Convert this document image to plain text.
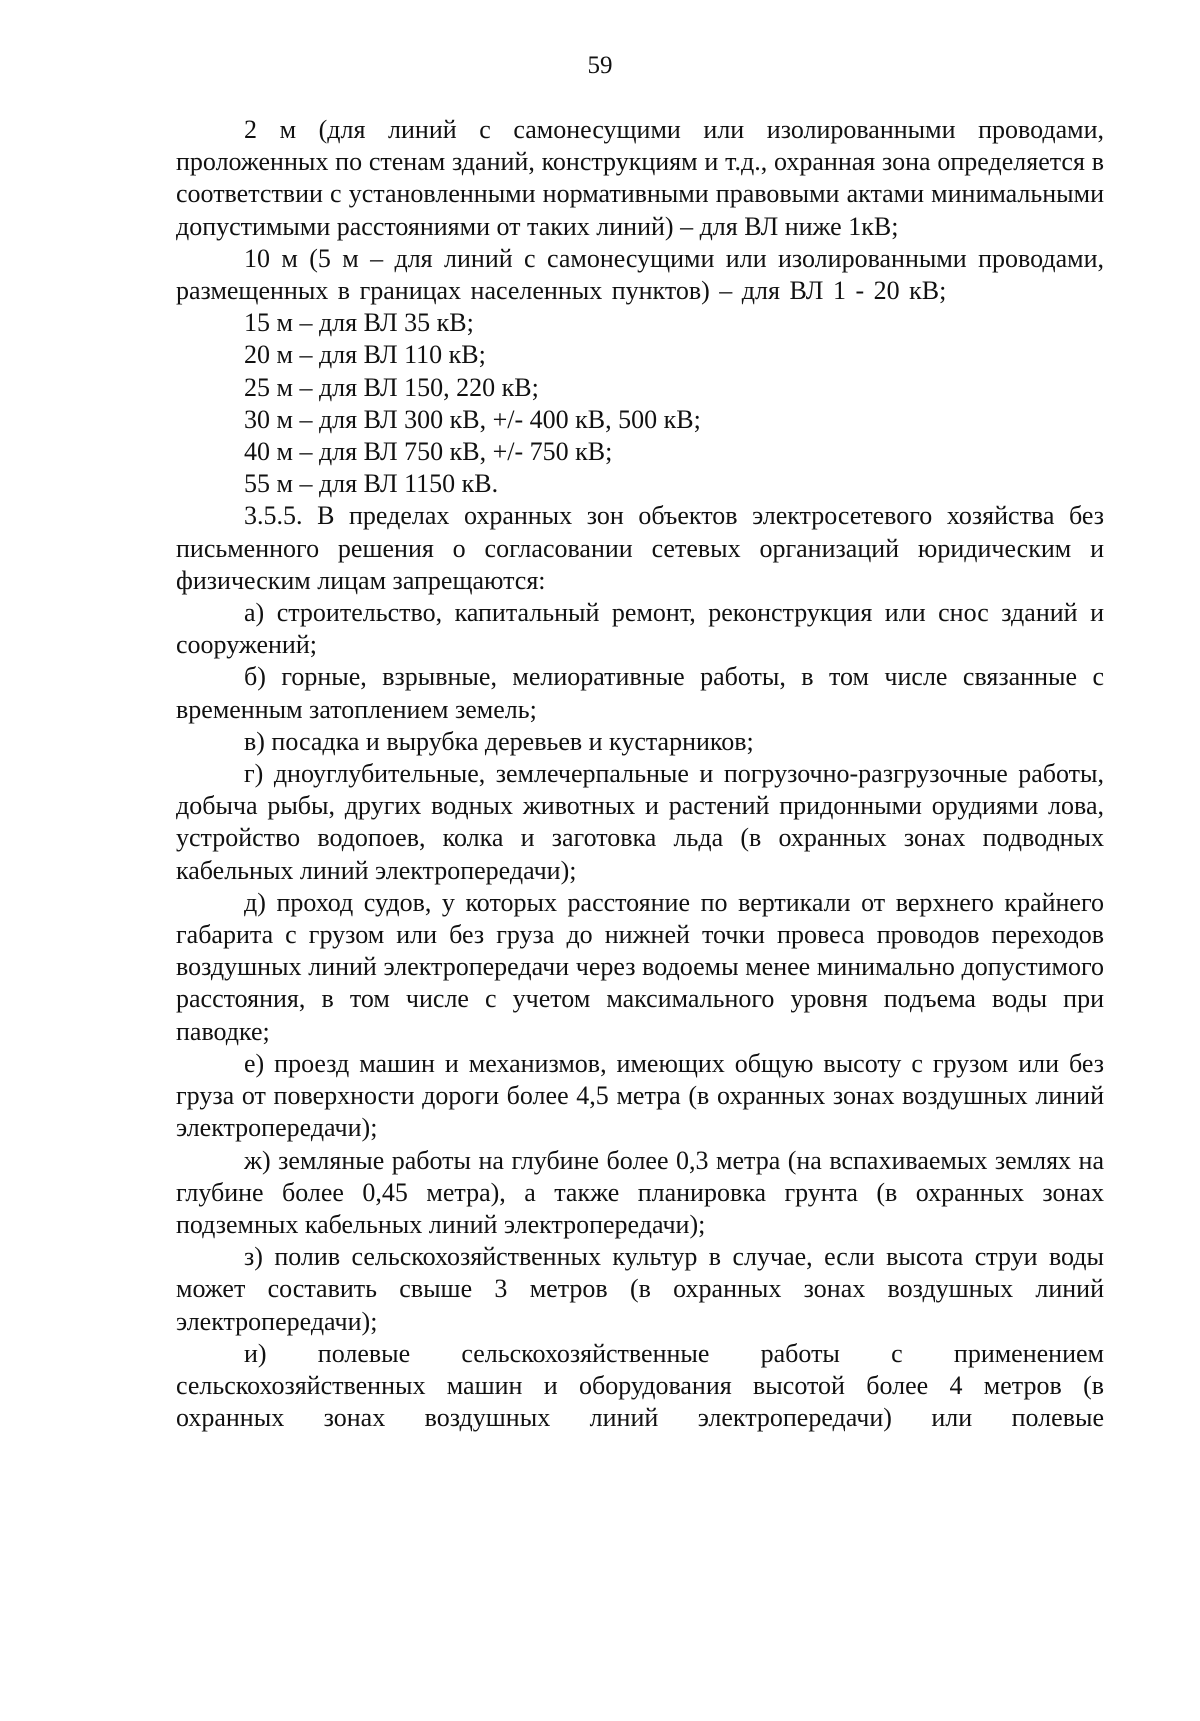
59

2 м (для линий с самонесущими или изолированными проводами, проложенных по стенам зданий, конструкциям и т.д., охранная зона определяется в соответствии с установленными нормативными правовыми актами минимальными допустимыми расстояниями от таких линий) – для ВЛ ниже 1кВ;

10 м (5 м – для линий с самонесущими или изолированными проводами, размещенных в границах населенных пунктов) – для ВЛ 1 - 20 кВ;

15 м – для ВЛ 35 кВ;

20 м – для ВЛ 110 кВ;

25 м – для ВЛ 150, 220 кВ;

30 м – для ВЛ 300 кВ, +/- 400 кВ, 500 кВ;

40 м – для ВЛ 750 кВ, +/- 750 кВ;

55 м – для ВЛ 1150 кВ.

3.5.5. В пределах охранных зон объектов электросетевого хозяйства без письменного решения о согласовании сетевых организаций юридическим и физическим лицам запрещаются:

а) строительство, капитальный ремонт, реконструкция или снос зданий и сооружений;

б) горные, взрывные, мелиоративные работы, в том числе связанные с временным затоплением земель;

в) посадка и вырубка деревьев и кустарников;

г) дноуглубительные, землечерпальные и погрузочно-разгрузочные работы, добыча рыбы, других водных животных и растений придонными орудиями лова, устройство водопоев, колка и заготовка льда (в охранных зонах подводных кабельных линий электропередачи);

д) проход судов, у которых расстояние по вертикали от верхнего крайнего габарита с грузом или без груза до нижней точки провеса проводов переходов воздушных линий электропередачи через водоемы менее минимально допустимого расстояния, в том числе с учетом максимального уровня подъема воды при паводке;

е) проезд машин и механизмов, имеющих общую высоту с грузом или без груза от поверхности дороги более 4,5 метра (в охранных зонах воздушных линий электропередачи);

ж) земляные работы на глубине более 0,3 метра (на вспахиваемых землях на глубине более 0,45 метра), а также планировка грунта (в охранных зонах подземных кабельных линий электропередачи);

з) полив сельскохозяйственных культур в случае, если высота струи воды может составить свыше 3 метров (в охранных зонах воздушных линий электропередачи);

и) полевые сельскохозяйственные работы с применением сельскохозяйственных машин и оборудования высотой более 4 метров (в охранных зонах воздушных линий электропередачи) или полевые
